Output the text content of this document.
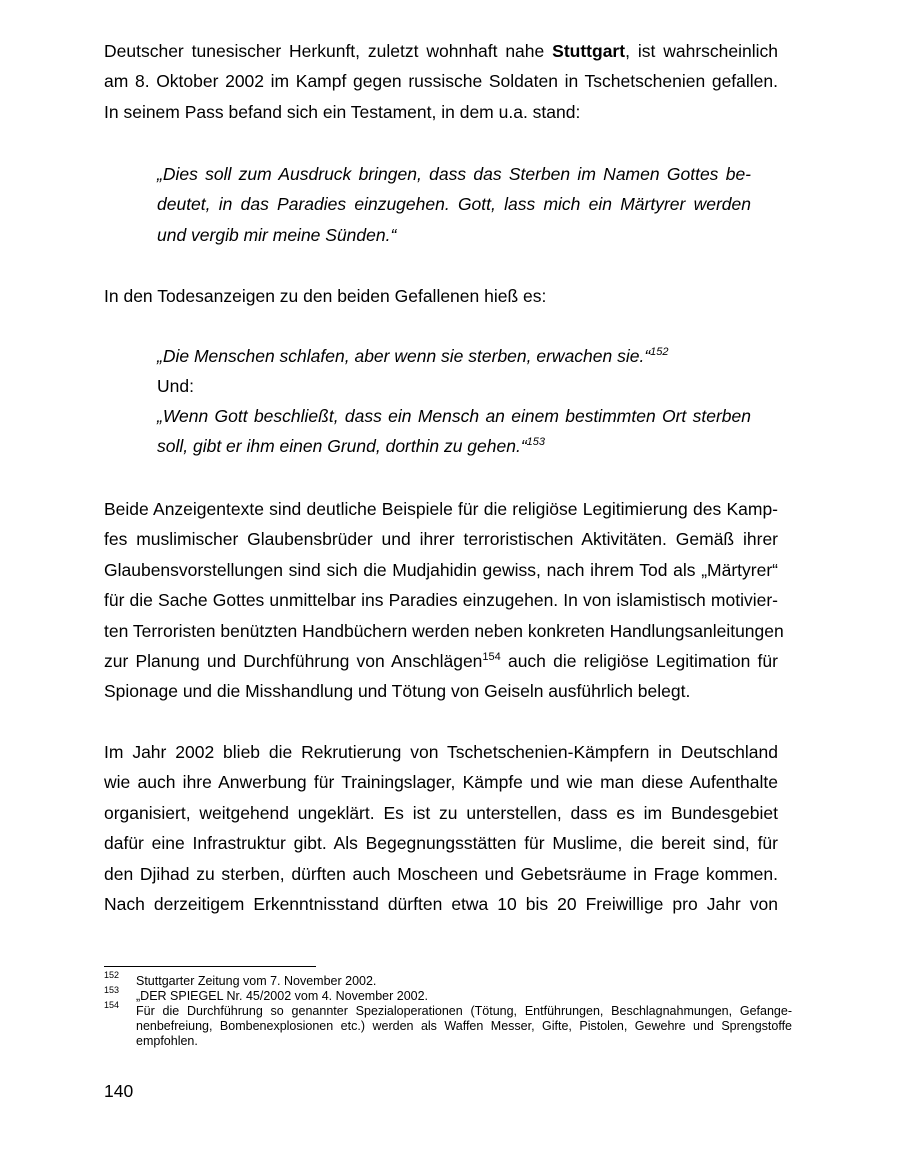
Deutscher tunesischer Herkunft, zuletzt wohnhaft nahe Stuttgart, ist wahrscheinlich
am 8. Oktober 2002 im Kampf gegen russische Soldaten in Tschetschenien gefallen.
In seinem Pass befand sich ein Testament, in dem u.a. stand:
„Dies soll zum Ausdruck bringen, dass das Sterben im Namen Gottes be-
deutet, in das Paradies einzugehen. Gott, lass mich ein Märtyrer werden
und vergib mir meine Sünden.“
In den Todesanzeigen zu den beiden Gefallenen hieß es:
„Die Menschen schlafen, aber wenn sie sterben, erwachen sie.“$^{152}$
Und:
„Wenn Gott beschließt, dass ein Mensch an einem bestimmten Ort sterben
soll, gibt er ihm einen Grund, dorthin zu gehen.“$^{153}$
Beide Anzeigentexte sind deutliche Beispiele für die religiöse Legitimierung des Kamp-
fes muslimischer Glaubensbrüder und ihrer terroristischen Aktivitäten. Gemäß ihrer
Glaubensvorstellungen sind sich die Mudjahidin gewiss, nach ihrem Tod als „Märtyrer“
für die Sache Gottes unmittelbar ins Paradies einzugehen. In von islamistisch motivier-
ten Terroristen benützten Handbüchern werden neben konkreten Handlungsanleitungen
zur Planung und Durchführung von Anschlägen$^{154}$ auch die religiöse Legitimation für
Spionage und die Misshandlung und Tötung von Geiseln ausführlich belegt.
Im Jahr 2002 blieb die Rekrutierung von Tschetschenien-Kämpfern in Deutschland
wie auch ihre Anwerbung für Trainingslager, Kämpfe und wie man diese Aufenthalte
organisiert, weitgehend ungeklärt. Es ist zu unterstellen, dass es im Bundesgebiet
dafür eine Infrastruktur gibt. Als Begegnungsstätten für Muslime, die bereit sind, für
den Djihad zu sterben, dürften auch Moscheen und Gebetsräume in Frage kommen.
Nach derzeitigem Erkenntnisstand dürften etwa 10 bis 20 Freiwillige pro Jahr von
152 Stuttgarter Zeitung vom 7. November 2002.
153 „DER SPIEGEL Nr. 45/2002 vom 4. November 2002.
154 Für die Durchführung so genannter Spezialoperationen (Tötung, Entführungen, Beschlagnahmungen, Gefange-
nenbefreiung, Bombenexplosionen etc.) werden als Waffen Messer, Gifte, Pistolen, Gewehre und Sprengstoffe
empfohlen.
140
